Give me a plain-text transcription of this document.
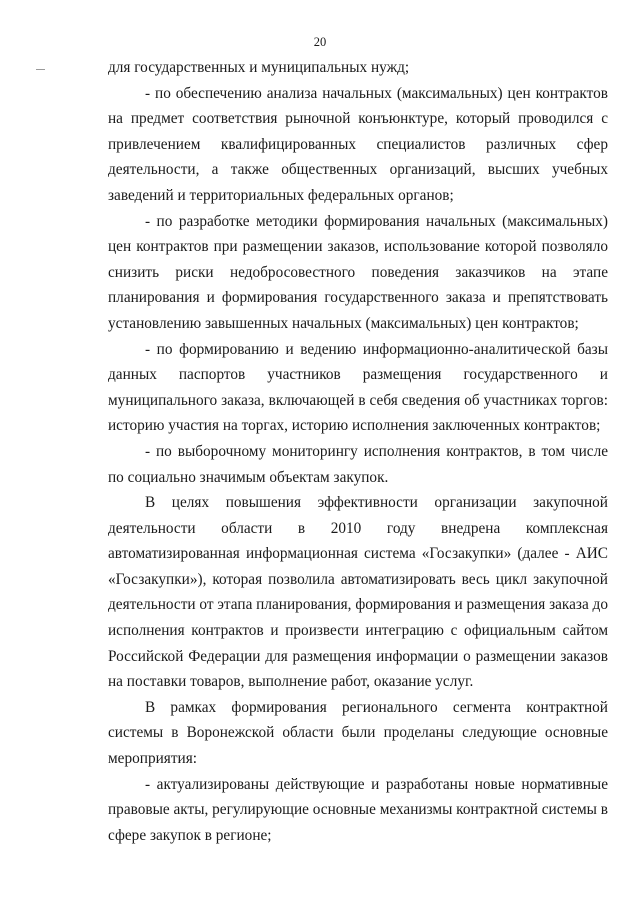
20

для государственных и муниципальных нужд;

- по обеспечению анализа начальных (максимальных) цен контрактов на предмет соответствия рыночной конъюнктуре, который проводился с привлечением квалифицированных специалистов различных сфер деятельности, а также общественных организаций, высших учебных заведений и территориальных федеральных органов;

- по разработке методики формирования начальных (максимальных) цен контрактов при размещении заказов, использование которой позволяло снизить риски недобросовестного поведения заказчиков на этапе планирования и формирования государственного заказа и препятствовать установлению завышенных начальных (максимальных) цен контрактов;

- по формированию и ведению информационно-аналитической базы данных паспортов участников размещения государственного и муниципального заказа, включающей в себя сведения об участниках торгов: историю участия на торгах, историю исполнения заключенных контрактов;

- по выборочному мониторингу исполнения контрактов, в том числе по социально значимым объектам закупок.

В целях повышения эффективности организации закупочной деятельности области в 2010 году внедрена комплексная автоматизированная информационная система «Госзакупки» (далее - АИС «Госзакупки»), которая позволила автоматизировать весь цикл закупочной деятельности от этапа планирования, формирования и размещения заказа до исполнения контрактов и произвести интеграцию с официальным сайтом Российской Федерации для размещения информации о размещении заказов на поставки товаров, выполнение работ, оказание услуг.

В рамках формирования регионального сегмента контрактной системы в Воронежской области были проделаны следующие основные мероприятия:

- актуализированы действующие и разработаны новые нормативные правовые акты, регулирующие основные механизмы контрактной системы в сфере закупок в регионе;
